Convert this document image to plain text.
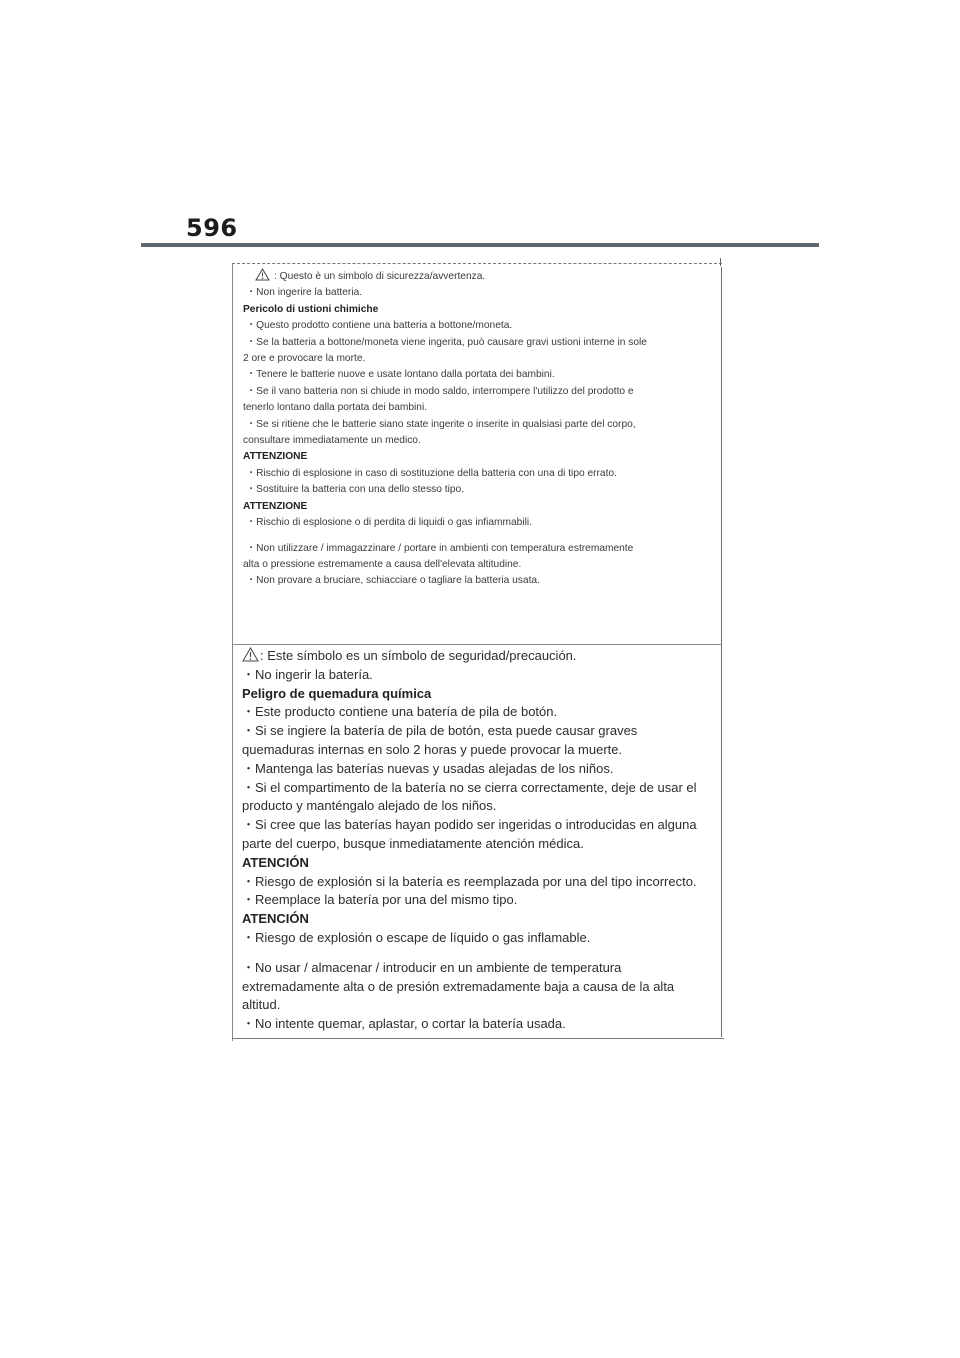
596
: Questo è un simbolo di sicurezza/avvertenza.
・Non ingerire la batteria.
Pericolo di ustioni chimiche
・Questo prodotto contiene una batteria a bottone/moneta.
・Se la batteria a bottone/moneta viene ingerita, può causare gravi ustioni interne in sole
2 ore e provocare la morte.
・Tenere le batterie nuove e usate lontano dalla portata dei bambini.
・Se il vano batteria non si chiude in modo saldo, interrompere l'utilizzo del prodotto e
tenerlo lontano dalla portata dei bambini.
・Se si ritiene che le batterie siano state ingerite o inserite in qualsiasi parte del corpo,
consultare immediatamente un medico.
ATTENZIONE
・Rischio di esplosione in caso di sostituzione della batteria con una di tipo errato.
・Sostituire la batteria con una dello stesso tipo.
ATTENZIONE
・Rischio di esplosione o di perdita di liquidi o gas infiammabili.
・Non utilizzare / immagazzinare / portare in ambienti con temperatura estremamente
alta o pressione estremamente a causa dell'elevata altitudine.
・Non provare a bruciare, schiacciare o tagliare la batteria usata.
: Este símbolo es un símbolo de seguridad/precaución.
・No ingerir la batería.
Peligro de quemadura química
・Este producto contiene una batería de pila de botón.
・Si se ingiere la batería de pila de botón, esta puede causar graves
quemaduras internas en solo 2 horas y puede provocar la muerte.
・Mantenga las baterías nuevas y usadas alejadas de los niños.
・Si el compartimento de la batería no se cierra correctamente, deje de usar el
producto y manténgalo alejado de los niños.
・Si cree que las baterías hayan podido ser ingeridas o introducidas en alguna
parte del cuerpo, busque inmediatamente atención médica.
ATENCIÓN
・Riesgo de explosión si la batería es reemplazada por una del tipo incorrecto.
・Reemplace la batería por una del mismo tipo.
ATENCIÓN
・Riesgo de explosión o escape de líquido o gas inflamable.
・No usar / almacenar / introducir en un ambiente de temperatura
extremadamente alta o de presión extremadamente baja a causa de la alta
altitud.
・No intente quemar, aplastar, o cortar la batería usada.
